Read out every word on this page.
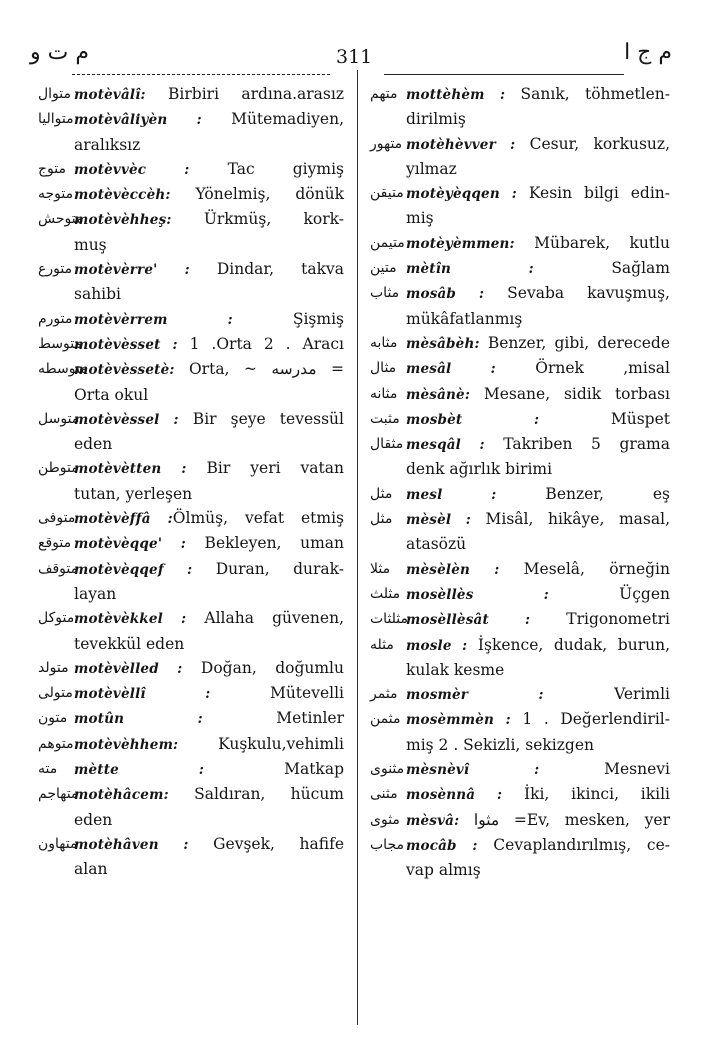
م ت و	311	م ج ا
متوال motèvâlî: Birbiri ardına.arasız
متواليا motèvâliyèn : Mütemadiyen,
aralıksız
متوج motèvvèc : Tac giymiş
متوجه motèvèccèh: Yönelmiş, dönük
متوحش
motèvèhheş: Ürkmüş, kork-
muş
متورع motèvèrre' : Dindar, takva
sahibi
متورم motèvèrrem : Şişmiş
متوسط
motèvèsset : 1 .Orta 2 . Aracı
متوسطه
motèvèssetè: Orta, ~ مدرسه =
Orta okul
متوسل
motèvèssel : Bir şeye tevessül
eden
متوطن
motèvètten : Bir yeri vatan
tutan, yerleşen
متوفى
motèvèffâ :Ölmüş, vefat etmiş
متوقع motèvèqqe' : Bekleyen, uman
متوقف
motèvèqqef : Duran, durak-
layan
متوكل motèvèkkel : Allaha güvenen,
tevekkül eden
متولد motèvèlled : Doğan, doğumlu
متولى motèvèllî : Mütevelli
متون motûn : Metinler
متوهم motèvèhhem: Kuşkulu,vehimli
مته mètte : Matkap
متهاجم
motèhâcem: Saldıran, hücum
eden
متهاون
motèhâven : Gevşek, hafife
alan
متهم mottèhèm : Sanık, töhmetlen-
dirilmiş
متهور motèhèvver : Cesur, korkusuz,
yılmaz
متيقن motèyèqqen : Kesin bilgi edin-
miş
متيمن motèyèmmen: Mübarek, kutlu
متين mètîn : Sağlam
مثاب mosâb : Sevaba kavuşmuş,
mükâfatlanmış
مثابه mèsâbèh: Benzer, gibi, derecede
مثال mesâl : Örnek ,misal
مثانه mèsânè: Mesane, sidik torbası
مثبت mosbèt : Müspet
مثقال mesqâl : Takriben 5 grama
denk ağırlık birimi
مثل mesl : Benzer, eş
مثل mèsèl : Misâl, hikâye, masal,
atasözü
مثلا mèsèlèn : Meselâ, örneğin
مثلث mosèllès : Üçgen
مثلثات
mosèllèsât : Trigonometri
مثله mosle : İşkence, dudak, burun,
kulak kesme
مثمر mosmèr : Verimli
مثمن mosèmmèn : 1 . Değerlendiril-
miş 2 . Sekizli, sekizgen
مثنوى mèsnèvî : Mesnevi
مثنى mosènnâ : İki, ikinci, ikili
مثوى mèsvâ: مثوا =Ev, mesken, yer
مجاب mocâb : Cevaplandırılmış, ce-
vap almış
